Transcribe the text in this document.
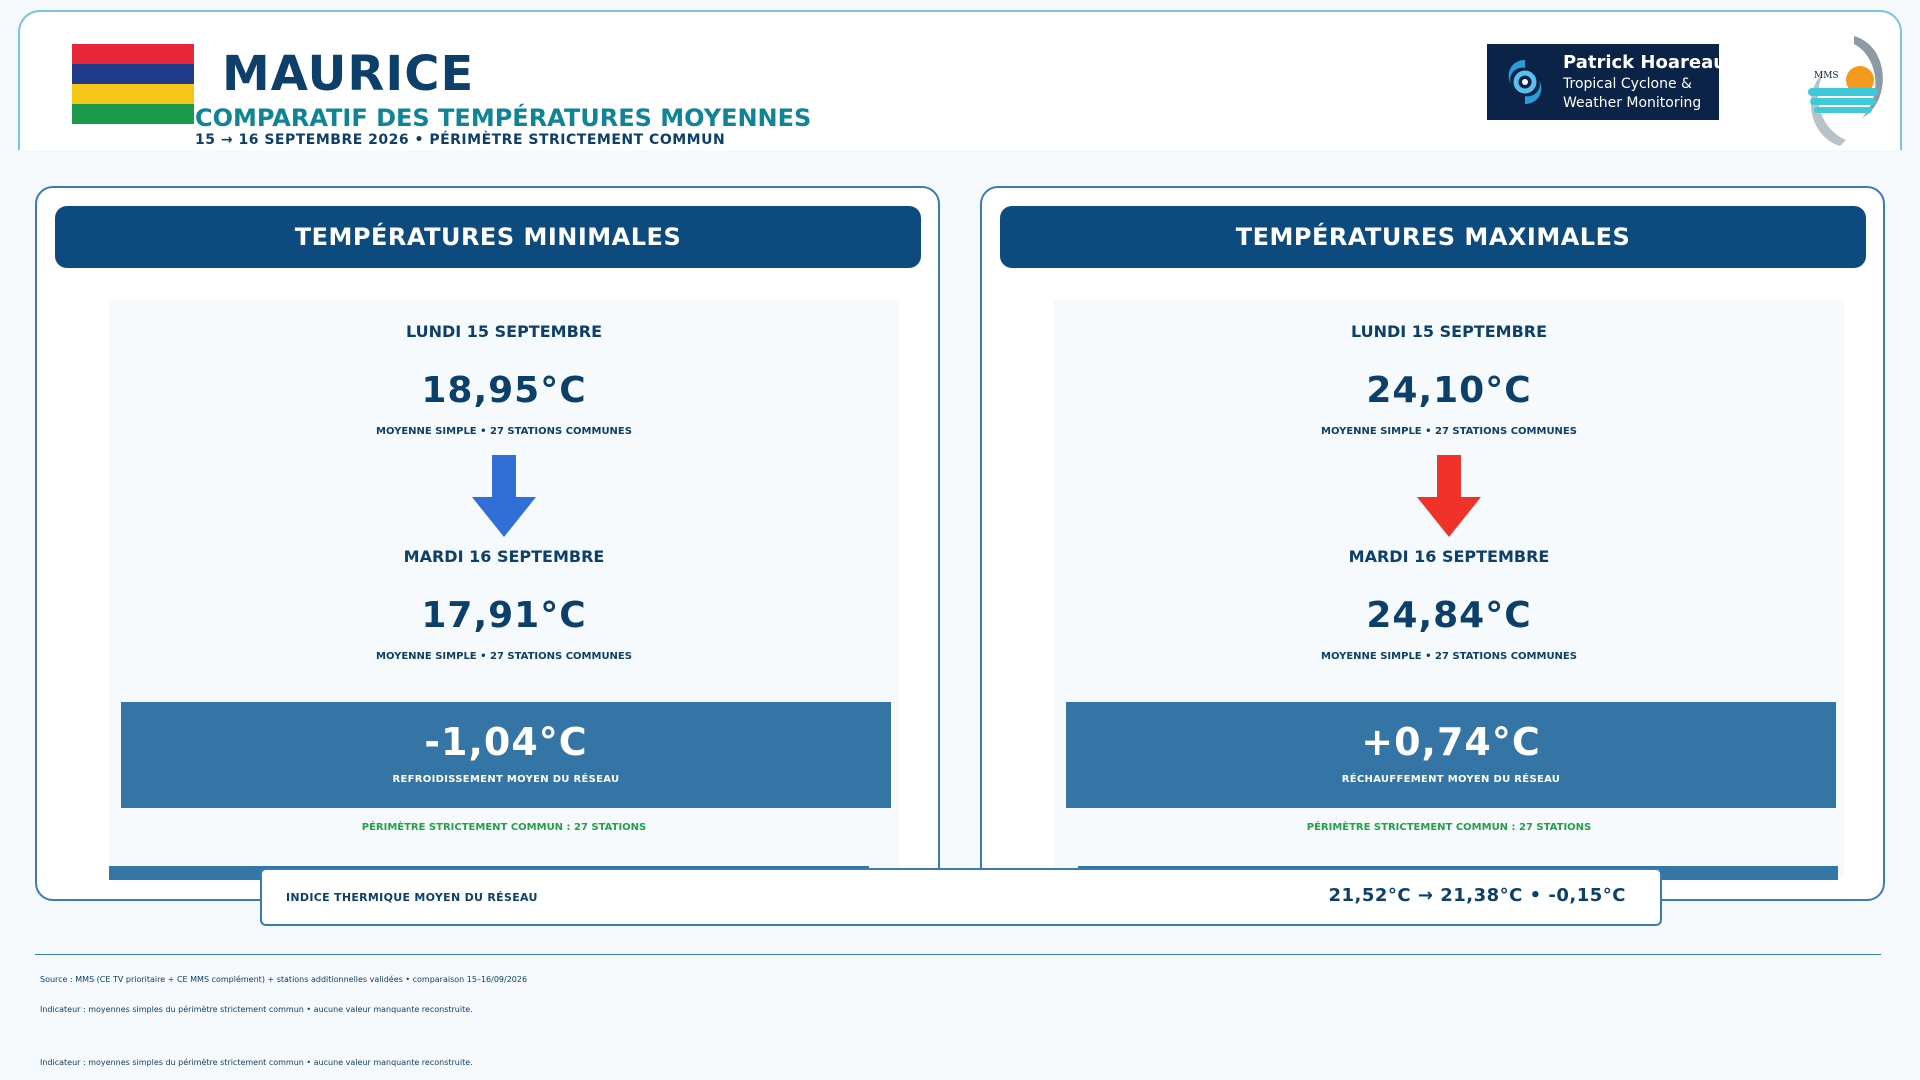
MAURICE
COMPARATIF DES TEMPÉRATURES MOYENNES
15 → 16 SEPTEMBRE 2026 • PÉRIMÈTRE STRICTEMENT COMMUN
Patrick Hoareau
Tropical Cyclone &
Weather Monitoring
MMS
TEMPÉRATURES MINIMALES
LUNDI 15 SEPTEMBRE
18,95°C
MOYENNE SIMPLE • 27 STATIONS COMMUNES
MARDI 16 SEPTEMBRE
17,91°C
MOYENNE SIMPLE • 27 STATIONS COMMUNES
-1,04°C
REFROIDISSEMENT MOYEN DU RÉSEAU
PÉRIMÈTRE STRICTEMENT COMMUN : 27 STATIONS
TEMPÉRATURES MAXIMALES
LUNDI 15 SEPTEMBRE
24,10°C
MOYENNE SIMPLE • 27 STATIONS COMMUNES
MARDI 16 SEPTEMBRE
24,84°C
MOYENNE SIMPLE • 27 STATIONS COMMUNES
+0,74°C
RÉCHAUFFEMENT MOYEN DU RÉSEAU
PÉRIMÈTRE STRICTEMENT COMMUN : 27 STATIONS
INDICE THERMIQUE MOYEN DU RÉSEAU	21,52°C → 21,38°C • -0,15°C
Source : MMS (CE TV prioritaire + CE MMS complément) + stations additionnelles validées • comparaison 15–16/09/2026
Indicateur : moyennes simples du périmètre strictement commun • aucune valeur manquante reconstruite.
Indicateur : moyennes simples du périmètre strictement commun • aucune valeur manquante reconstruite.
